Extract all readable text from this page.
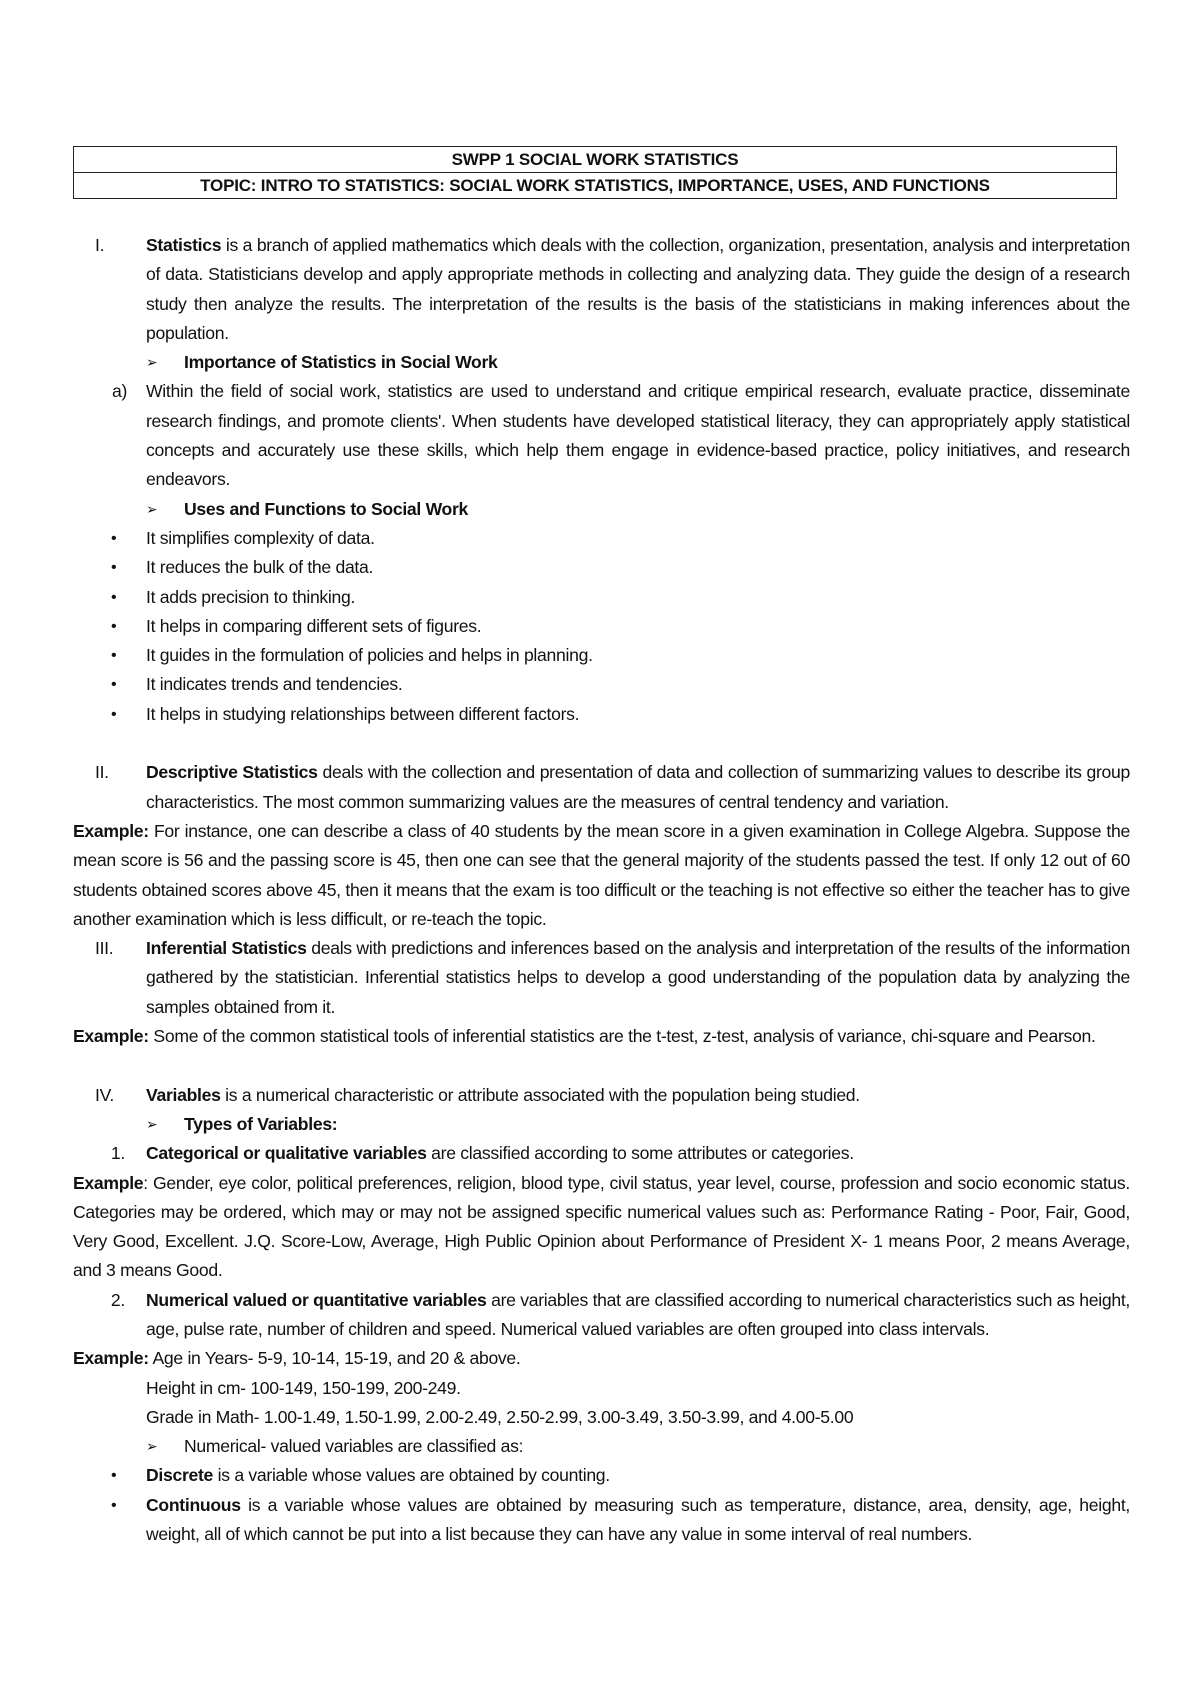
SWPP 1 SOCIAL WORK STATISTICS
TOPIC: INTRO TO STATISTICS: SOCIAL WORK STATISTICS, IMPORTANCE, USES, AND FUNCTIONS
I.	Statistics is a branch of applied mathematics which deals with the collection, organization, presentation, analysis and interpretation of data. Statisticians develop and apply appropriate methods in collecting and analyzing data. They guide the design of a research study then analyze the results. The interpretation of the results is the basis of the statisticians in making inferences about the population.
➢ Importance of Statistics in Social Work
a) Within the field of social work, statistics are used to understand and critique empirical research, evaluate practice, disseminate research findings, and promote clients'. When students have developed statistical literacy, they can appropriately apply statistical concepts and accurately use these skills, which help them engage in evidence-based practice, policy initiatives, and research endeavors.
➢ Uses and Functions to Social Work
• It simplifies complexity of data.
• It reduces the bulk of the data.
• It adds precision to thinking.
• It helps in comparing different sets of figures.
• It guides in the formulation of policies and helps in planning.
• It indicates trends and tendencies.
• It helps in studying relationships between different factors.
II.	Descriptive Statistics deals with the collection and presentation of data and collection of summarizing values to describe its group characteristics. The most common summarizing values are the measures of central tendency and variation.
Example: For instance, one can describe a class of 40 students by the mean score in a given examination in College Algebra. Suppose the mean score is 56 and the passing score is 45, then one can see that the general majority of the students passed the test. If only 12 out of 60 students obtained scores above 45, then it means that the exam is too difficult or the teaching is not effective so either the teacher has to give another examination which is less difficult, or re-teach the topic.
III.	Inferential Statistics deals with predictions and inferences based on the analysis and interpretation of the results of the information gathered by the statistician. Inferential statistics helps to develop a good understanding of the population data by analyzing the samples obtained from it.
Example: Some of the common statistical tools of inferential statistics are the t-test, z-test, analysis of variance, chi-square and Pearson.
IV.	Variables is a numerical characteristic or attribute associated with the population being studied.
➢ Types of Variables:
1. Categorical or qualitative variables are classified according to some attributes or categories.
Example: Gender, eye color, political preferences, religion, blood type, civil status, year level, course, profession and socio economic status. Categories may be ordered, which may or may not be assigned specific numerical values such as: Performance Rating - Poor, Fair, Good, Very Good, Excellent. J.Q. Score-Low, Average, High Public Opinion about Performance of President X- 1 means Poor, 2 means Average, and 3 means Good.
2. Numerical valued or quantitative variables are variables that are classified according to numerical characteristics such as height, age, pulse rate, number of children and speed. Numerical valued variables are often grouped into class intervals.
Example: Age in Years- 5-9, 10-14, 15-19, and 20 & above.
Height in cm- 100-149, 150-199, 200-249.
Grade in Math- 1.00-1.49, 1.50-1.99, 2.00-2.49, 2.50-2.99, 3.00-3.49, 3.50-3.99, and 4.00-5.00
➢ Numerical- valued variables are classified as:
• Discrete is a variable whose values are obtained by counting.
• Continuous is a variable whose values are obtained by measuring such as temperature, distance, area, density, age, height, weight, all of which cannot be put into a list because they can have any value in some interval of real numbers.
